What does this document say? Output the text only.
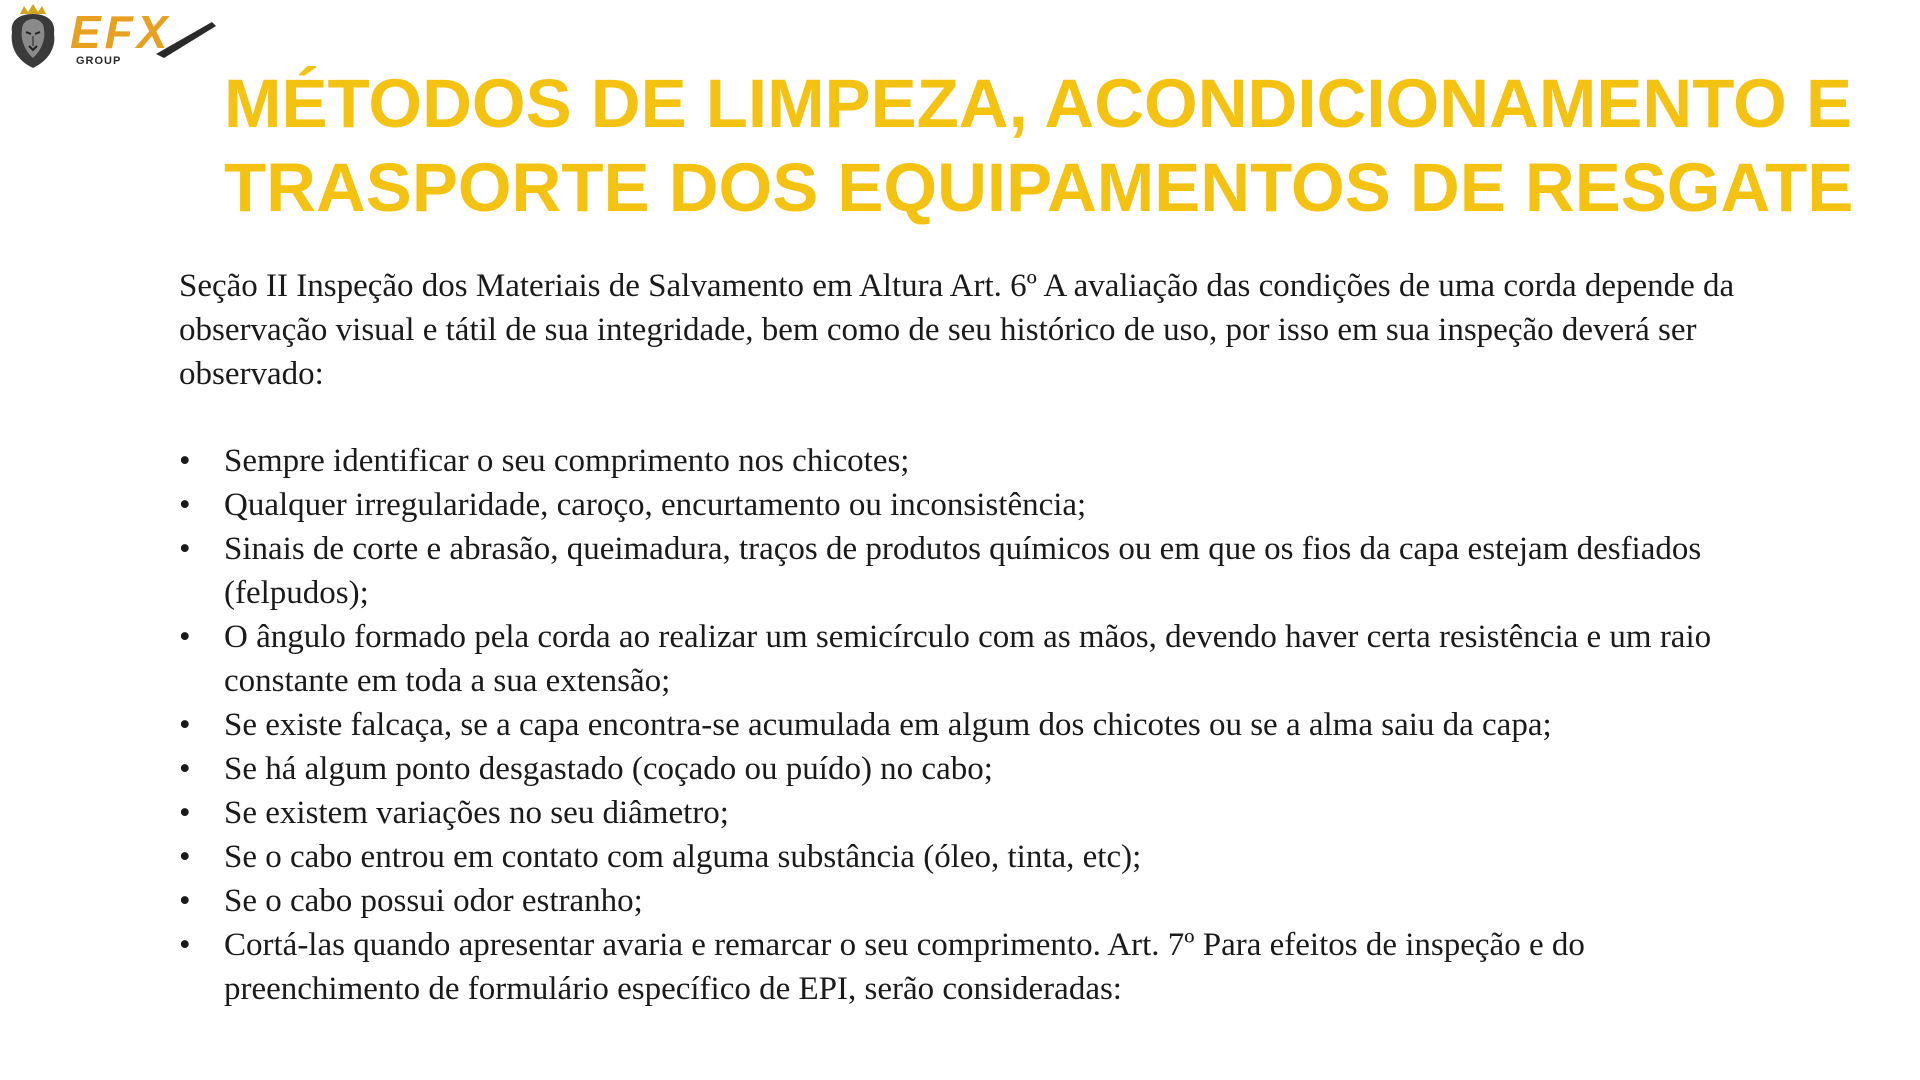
EFX
GROUP
MÉTODOS DE LIMPEZA, ACONDICIONAMENTO E
TRASPORTE DOS EQUIPAMENTOS DE RESGATE

Seção II Inspeção dos Materiais de Salvamento em Altura Art. 6º A avaliação das condições de uma corda depende da observação visual e tátil de sua integridade, bem como de seu histórico de uso, por isso em sua inspeção deverá ser observado:

• Sempre identificar o seu comprimento nos chicotes;
• Qualquer irregularidade, caroço, encurtamento ou inconsistência;
• Sinais de corte e abrasão, queimadura, traços de produtos químicos ou em que os fios da capa estejam desfiados (felpudos);
• O ângulo formado pela corda ao realizar um semicírculo com as mãos, devendo haver certa resistência e um raio constante em toda a sua extensão;
• Se existe falcaça, se a capa encontra-se acumulada em algum dos chicotes ou se a alma saiu da capa;
• Se há algum ponto desgastado (coçado ou puído) no cabo;
• Se existem variações no seu diâmetro;
• Se o cabo entrou em contato com alguma substância (óleo, tinta, etc);
• Se o cabo possui odor estranho;
• Cortá-las quando apresentar avaria e remarcar o seu comprimento. Art. 7º Para efeitos de inspeção e do preenchimento de formulário específico de EPI, serão consideradas:
